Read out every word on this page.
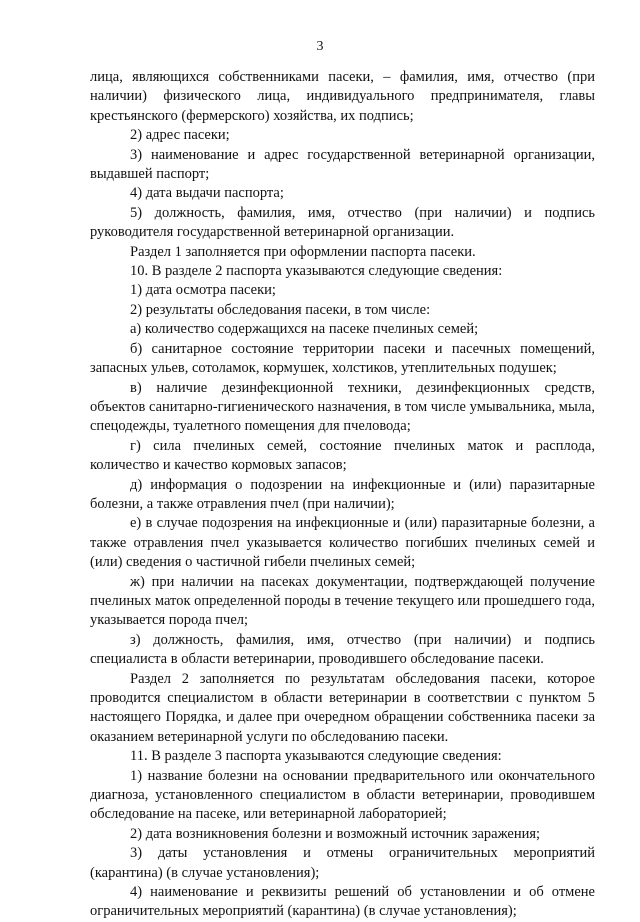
3

лица, являющихся собственниками пасеки, – фамилия, имя, отчество (при наличии) физического лица, индивидуального предпринимателя, главы крестьянского (фермерского) хозяйства, их подпись;

2) адрес пасеки;

3) наименование и адрес государственной ветеринарной организации, выдавшей паспорт;

4) дата выдачи паспорта;

5) должность, фамилия, имя, отчество (при наличии) и подпись руководителя государственной ветеринарной организации.

Раздел 1 заполняется при оформлении паспорта пасеки.

10. В разделе 2 паспорта указываются следующие сведения:

1) дата осмотра пасеки;

2) результаты обследования пасеки, в том числе:

а) количество содержащихся на пасеке пчелиных семей;

б) санитарное состояние территории пасеки и пасечных помещений, запасных ульев, сотоламок, кормушек, холстиков, утеплительных подушек;

в) наличие дезинфекционной техники, дезинфекционных средств, объектов санитарно-гигиенического назначения, в том числе умывальника, мыла, спецодежды, туалетного помещения для пчеловода;

г) сила пчелиных семей, состояние пчелиных маток и расплода, количество и качество кормовых запасов;

д) информация о подозрении на инфекционные и (или) паразитарные болезни, а также отравления пчел (при наличии);

е) в случае подозрения на инфекционные и (или) паразитарные болезни, а также отравления пчел указывается количество погибших пчелиных семей и (или) сведения о частичной гибели пчелиных семей;

ж) при наличии на пасеках документации, подтверждающей получение пчелиных маток определенной породы в течение текущего или прошедшего года, указывается порода пчел;

з) должность, фамилия, имя, отчество (при наличии) и подпись специалиста в области ветеринарии, проводившего обследование пасеки.

Раздел 2 заполняется по результатам обследования пасеки, которое проводится специалистом в области ветеринарии в соответствии с пунктом 5 настоящего Порядка, и далее при очередном обращении собственника пасеки за оказанием ветеринарной услуги по обследованию пасеки.

11. В разделе 3 паспорта указываются следующие сведения:

1) название болезни на основании предварительного или окончательного диагноза, установленного специалистом в области ветеринарии, проводившем обследование на пасеке, или ветеринарной лабораторией;

2) дата возникновения болезни и возможный источник заражения;

3) даты установления и отмены ограничительных мероприятий (карантина) (в случае установления);

4) наименование и реквизиты решений об установлении и об отмене ограничительных мероприятий (карантина) (в случае установления);
